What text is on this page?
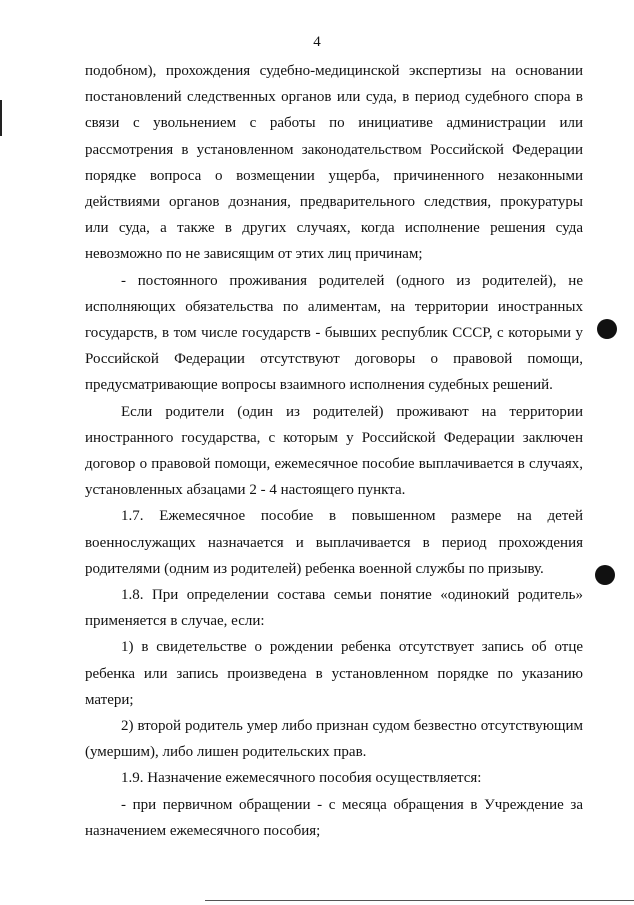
4

подобном), прохождения судебно-медицинской экспертизы на основании постановлений следственных органов или суда, в период судебного спора в связи с увольнением с работы по инициативе администрации или рассмотрения в установленном законодательством Российской Федерации порядке вопроса о возмещении ущерба, причиненного незаконными действиями органов дознания, предварительного следствия, прокуратуры или суда, а также в других случаях, когда исполнение решения суда невозможно по не зависящим от этих лиц причинам;

- постоянного проживания родителей (одного из родителей), не исполняющих обязательства по алиментам, на территории иностранных государств, в том числе государств - бывших республик СССР, с которыми у Российской Федерации отсутствуют договоры о правовой помощи, предусматривающие вопросы взаимного исполнения судебных решений.

Если родители (один из родителей) проживают на территории иностранного государства, с которым у Российской Федерации заключен договор о правовой помощи, ежемесячное пособие выплачивается в случаях, установленных абзацами 2 - 4 настоящего пункта.

1.7. Ежемесячное пособие в повышенном размере на детей военнослужащих назначается и выплачивается в период прохождения родителями (одним из родителей) ребенка военной службы по призыву.

1.8. При определении состава семьи понятие «одинокий родитель» применяется в случае, если:

1) в свидетельстве о рождении ребенка отсутствует запись об отце ребенка или запись произведена в установленном порядке по указанию матери;

2) второй родитель умер либо признан судом безвестно отсутствующим (умершим), либо лишен родительских прав.

1.9. Назначение ежемесячного пособия осуществляется:

- при первичном обращении - с месяца обращения в Учреждение за назначением ежемесячного пособия;
